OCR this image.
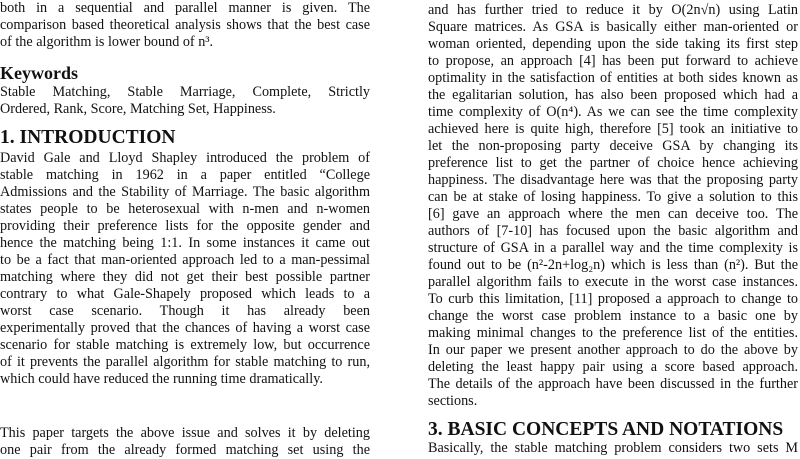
both in a sequential and parallel manner is given. The
comparison based theoretical analysis shows that the best case
of the algorithm is lower bound of n³.
Keywords
Stable Matching, Stable Marriage, Complete, Strictly
Ordered, Rank, Score, Matching Set, Happiness.
1. INTRODUCTION
David Gale and Lloyd Shapley introduced the problem of
stable matching in 1962 in a paper entitled “College
Admissions and the Stability of Marriage. The basic algorithm
states people to be heterosexual with n-men and n-women
providing their preference lists for the opposite gender and
hence the matching being 1:1. In some instances it came out
to be a fact that man-oriented approach led to a man-pessimal
matching where they did not get their best possible partner
contrary to what Gale-Shapely proposed which leads to a
worst case scenario. Though it has already been
experimentally proved that the chances of having a worst case
scenario for stable matching is extremely low, but occurrence
of it prevents the parallel algorithm for stable matching to run,
which could have reduced the running time dramatically.
This paper targets the above issue and solves it by deleting
one pair from the already formed matching set using the
and has further tried to reduce it by O(2n√n) using Latin
Square matrices. As GSA is basically either man-oriented or
woman oriented, depending upon the side taking its first step
to propose, an approach [4] has been put forward to achieve
optimality in the satisfaction of entities at both sides known as
the egalitarian solution, has also been proposed which had a
time complexity of O(n⁴). As we can see the time complexity
achieved here is quite high, therefore [5] took an initiative to
let the non-proposing party deceive GSA by changing its
preference list to get the partner of choice hence achieving
happiness. The disadvantage here was that the proposing party
can be at stake of losing happiness. To give a solution to this
[6] gave an approach where the men can deceive too. The
authors of [7-10] has focused upon the basic algorithm and
structure of GSA in a parallel way and the time complexity is
found out to be (n²-2n+log₂n) which is less than (n²). But the
parallel algorithm fails to execute in the worst case instances.
To curb this limitation, [11] proposed a approach to change to
change the worst case problem instance to a basic one by
making minimal changes to the preference list of the entities.
In our paper we present another approach to do the above by
deleting the least happy pair using a score based approach.
The details of the approach have been discussed in the further
sections.
3. BASIC CONCEPTS AND NOTATIONS
Basically, the stable matching problem considers two sets M
